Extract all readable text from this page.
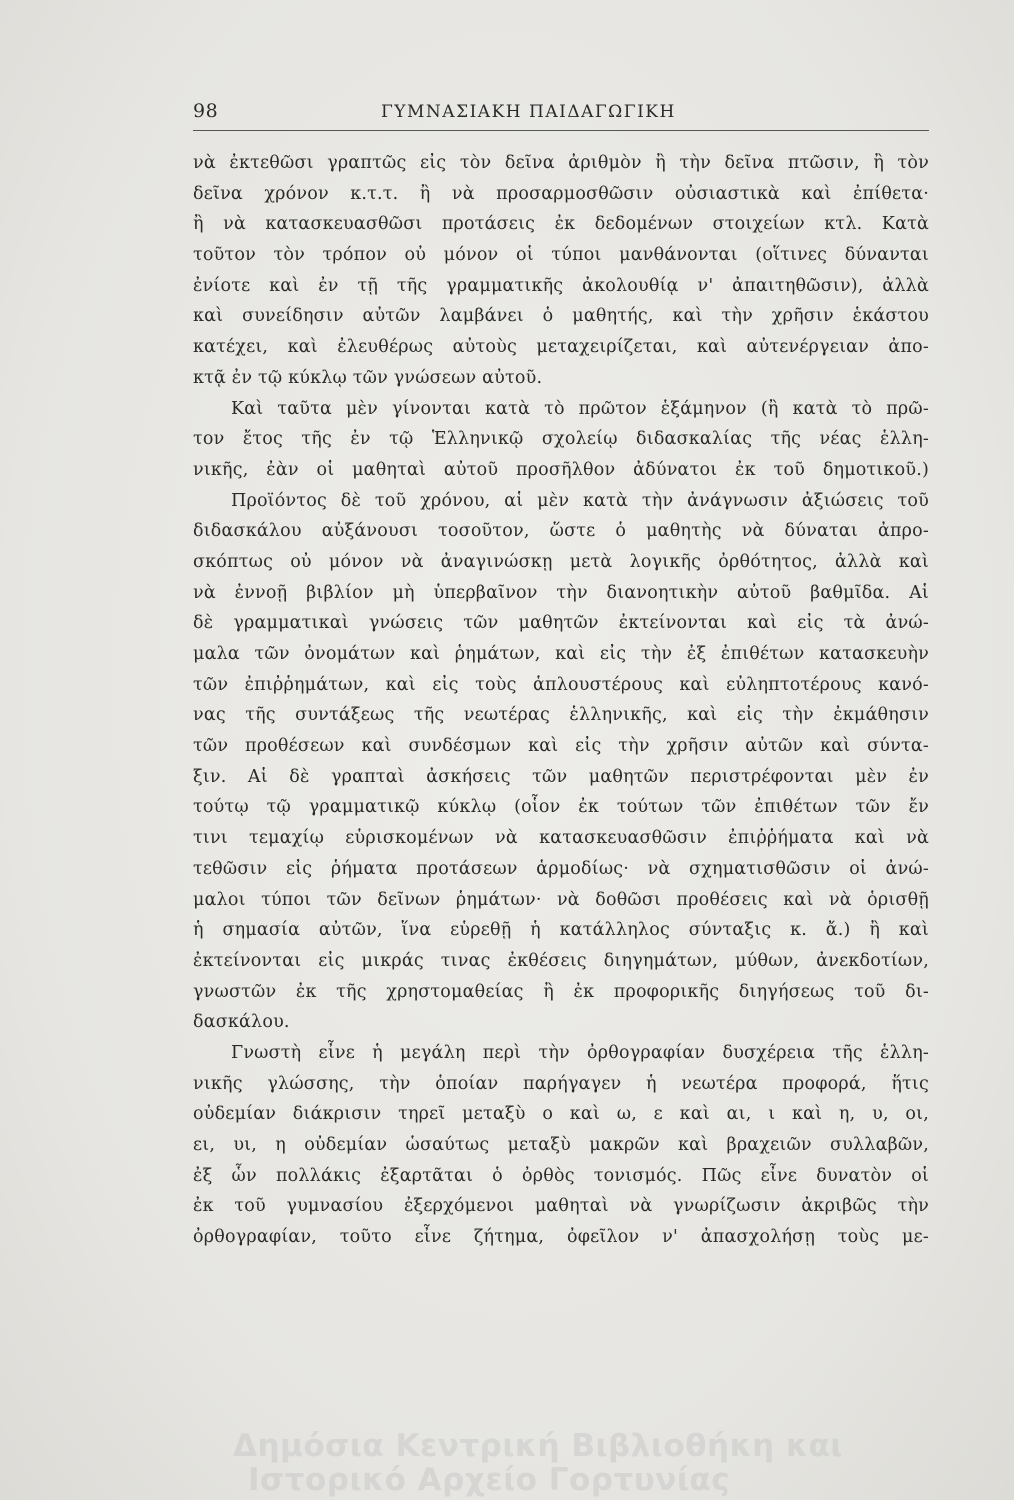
98	ΓΥΜΝΑΣΙΑΚΗ ΠΑΙΔΑΓΩΓΙΚΗ
νὰ ἐκτεθῶσι γραπτῶς εἰς τὸν δεῖνα ἀριθμὸν ἢ τὴν δεῖνα πτῶσιν, ἢ τὸν
δεῖνα χρόνον κ.τ.τ. ἢ νὰ προσαρμοσθῶσιν οὐσιαστικὰ καὶ ἐπίθετα·
ἢ νὰ κατασκευασθῶσι προτάσεις ἐκ δεδομένων στοιχείων κτλ. Κατὰ
τοῦτον τὸν τρόπον οὐ μόνον οἱ τύποι μανθάνονται (οἵτινες δύνανται
ἐνίοτε καὶ ἐν τῇ τῆς γραμματικῆς ἀκολουθίᾳ ν' ἀπαιτηθῶσιν), ἀλλὰ
καὶ συνείδησιν αὐτῶν λαμβάνει ὁ μαθητής, καὶ τὴν χρῆσιν ἑκάστου
κατέχει, καὶ ἐλευθέρως αὐτοὺς μεταχειρίζεται, καὶ αὐτενέργειαν ἀπο-
κτᾷ ἐν τῷ κύκλῳ τῶν γνώσεων αὐτοῦ.
Καὶ ταῦτα μὲν γίνονται κατὰ τὸ πρῶτον ἑξάμηνον (ἢ κατὰ τὸ πρῶ-
τον ἔτος τῆς ἐν τῷ Ἑλληνικῷ σχολείῳ διδασκαλίας τῆς νέας ἑλλη-
νικῆς, ἐὰν οἱ μαθηταὶ αὐτοῦ προσῆλθον ἀδύνατοι ἐκ τοῦ δημοτικοῦ.)
Προϊόντος δὲ τοῦ χρόνου, αἱ μὲν κατὰ τὴν ἀνάγνωσιν ἀξιώσεις τοῦ
διδασκάλου αὐξάνουσι τοσοῦτον, ὥστε ὁ μαθητὴς νὰ δύναται ἀπρο-
σκόπτως οὐ μόνον νὰ ἀναγινώσκῃ μετὰ λογικῆς ὀρθότητος, ἀλλὰ καὶ
νὰ ἐννοῇ βιβλίον μὴ ὑπερβαῖνον τὴν διανοητικὴν αὐτοῦ βαθμῖδα. Αἱ
δὲ γραμματικαὶ γνώσεις τῶν μαθητῶν ἐκτείνονται καὶ εἰς τὰ ἀνώ-
μαλα τῶν ὀνομάτων καὶ ῥημάτων, καὶ εἰς τὴν ἐξ ἐπιθέτων κατασκευὴν
τῶν ἐπιῤῥημάτων, καὶ εἰς τοὺς ἁπλουστέρους καὶ εὐληπτοτέρους κανό-
νας τῆς συντάξεως τῆς νεωτέρας ἑλληνικῆς, καὶ εἰς τὴν ἐκμάθησιν
τῶν προθέσεων καὶ συνδέσμων καὶ εἰς τὴν χρῆσιν αὐτῶν καὶ σύντα-
ξιν. Αἱ δὲ γραπταὶ ἀσκήσεις τῶν μαθητῶν περιστρέφονται μὲν ἐν
τούτῳ τῷ γραμματικῷ κύκλῳ (οἷον ἐκ τούτων τῶν ἐπιθέτων τῶν ἔν
τινι τεμαχίῳ εὑρισκομένων νὰ κατασκευασθῶσιν ἐπιῤῥήματα καὶ νὰ
τεθῶσιν εἰς ῥήματα προτάσεων ἁρμοδίως· νὰ σχηματισθῶσιν οἱ ἀνώ-
μαλοι τύποι τῶν δεῖνων ῥημάτων· νὰ δοθῶσι προθέσεις καὶ νὰ ὁρισθῇ
ἡ σημασία αὐτῶν, ἵνα εὑρεθῇ ἡ κατάλληλος σύνταξις κ. ἄ.) ἢ καὶ
ἐκτείνονται εἰς μικράς τινας ἐκθέσεις διηγημάτων, μύθων, ἀνεκδοτίων,
γνωστῶν ἐκ τῆς χρηστομαθείας ἢ ἐκ προφορικῆς διηγήσεως τοῦ δι-
δασκάλου.
Γνωστὴ εἶνε ἡ μεγάλη περὶ τὴν ὀρθογραφίαν δυσχέρεια τῆς ἑλλη-
νικῆς γλώσσης, τὴν ὁποίαν παρήγαγεν ἡ νεωτέρα προφορά, ἥτις
οὐδεμίαν διάκρισιν τηρεῖ μεταξὺ ο καὶ ω, ε καὶ αι, ι καὶ η, υ, οι,
ει, υι, η οὐδεμίαν ὡσαύτως μεταξὺ μακρῶν καὶ βραχειῶν συλλαβῶν,
ἐξ ὧν πολλάκις ἐξαρτᾶται ὁ ὀρθὸς τονισμός. Πῶς εἶνε δυνατὸν οἱ
ἐκ τοῦ γυμνασίου ἐξερχόμενοι μαθηταὶ νὰ γνωρίζωσιν ἀκριβῶς τὴν
ὀρθογραφίαν, τοῦτο εἶνε ζήτημα, ὀφεῖλον ν' ἀπασχολήσῃ τοὺς με-
Δημόσια Κεντρική Βιβλιοθήκη και
Ιστορικό Αρχείο Γορτυνίας
